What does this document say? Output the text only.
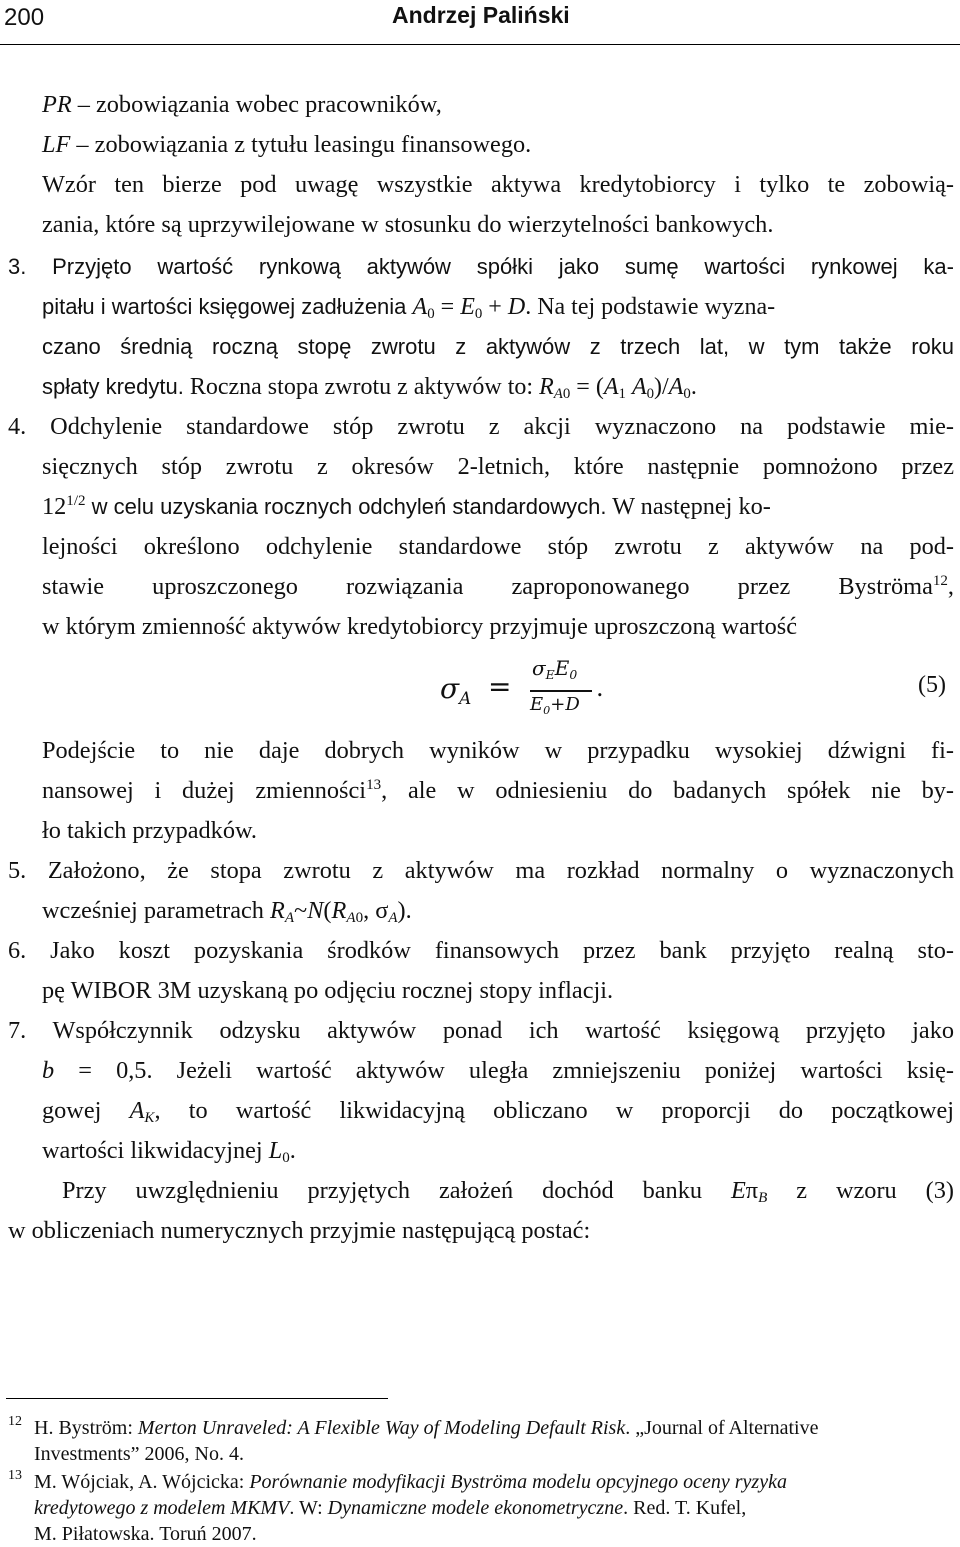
200	Andrzej Paliński
PR – zobowiązania wobec pracowników,
LF – zobowiązania z tytułu leasingu finansowego.
Wzór ten bierze pod uwagę wszystkie aktywa kredytobiorcy i tylko te zobowią-
zania, które są uprzywilejowane w stosunku do wierzytelności bankowych.
3. Przyjęto wartość rynkową aktywów spółki jako sumę wartości rynkowej ka-
pitału i wartości księgowej zadłużenia $A_0 = E_0 + D$. Na tej podstawie wyzna-
czano średnią roczną stopę zwrotu z aktywów z trzech lat, w tym także roku
spłaty kredytu. Roczna stopa zwrotu z aktywów to: $R_{A0} = (A_1$ $A_0)/A_0$.
4. Odchylenie standardowe stóp zwrotu z akcji wyznaczono na podstawie mie-
sięcznych stóp zwrotu z okresów 2-letnich, które następnie pomnożono przez
$12^{1/2}$ w celu uzyskania rocznych odchyleń standardowych. W następnej ko-
lejności określono odchylenie standardowe stóp zwrotu z aktywów na pod-
stawie uproszczonego rozwiązania zaproponowanego przez Byströma$^{12}$,
w którym zmienność aktywów kredytobiorcy przyjmuje uproszczoną wartość
$\sigma_A$ =
$\sigma_EE_0$
$E_0+D$
.	(5)
Podejście to nie daje dobrych wyników w przypadku wysokiej dźwigni fi-
nansowej i dużej zmienności$^{13}$, ale w odniesieniu do badanych spółek nie by-
ło takich przypadków.
5. Założono, że stopa zwrotu z aktywów ma rozkład normalny o wyznaczonych
wcześniej parametrach $R_A\sim N(R_{A0}$, $\sigma_A$).
6. Jako koszt pozyskania środków finansowych przez bank przyjęto realną sto-
pę WIBOR 3M uzyskaną po odjęciu rocznej stopy inflacji.
7. Współczynnik odzysku aktywów ponad ich wartość księgową przyjęto jako
b = 0,5. Jeżeli wartość aktywów uległa zmniejszeniu poniżej wartości księ-
gowej $A_K$, to wartość likwidacyjną obliczano w proporcji do początkowej
wartości likwidacyjnej $L_0$.
Przy uwzględnieniu przyjętych założeń dochód banku $E\pi_B$ z wzoru (3)
w obliczeniach numerycznych przyjmie następującą postać:
12 H. Byström: Merton Unraveled: A Flexible Way of Modeling Default Risk. „Journal of Alternative
Investments” 2006, No. 4.
13 M. Wójciak, A. Wójcicka: Porównanie modyfikacji Byströma modelu opcyjnego oceny ryzyka
kredytowego z modelem MKMV. W: Dynamiczne modele ekonometryczne. Red. T. Kufel,
M. Piłatowska. Toruń 2007.
